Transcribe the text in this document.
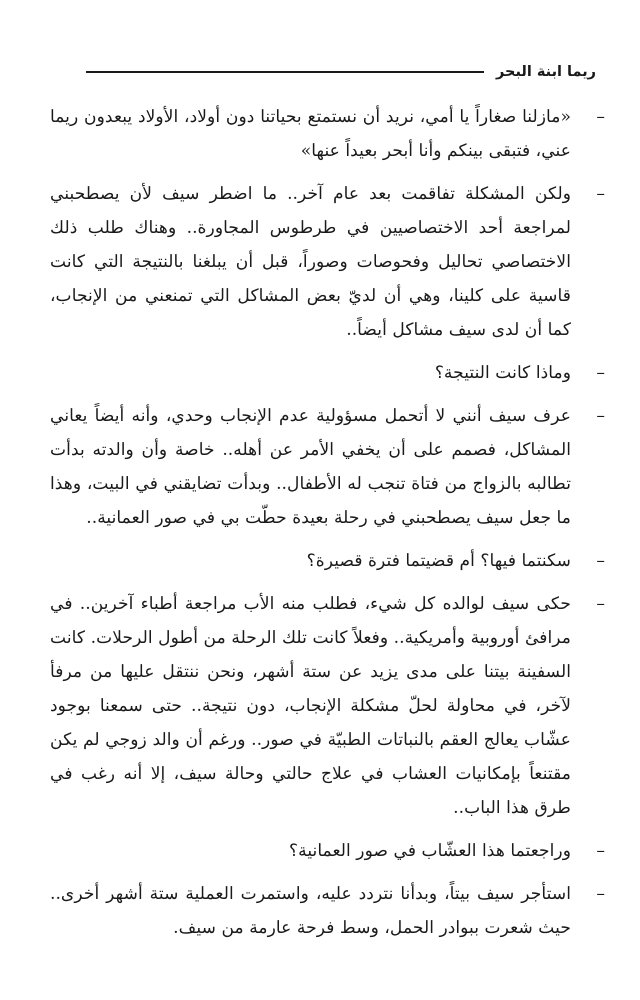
ريما ابنة البحر

–
«مازلنا صغاراً يا أمي، نريد أن نستمتع بحياتنا دون أولاد، الأولاد يبعدون ريما عني، فتبقى بينكم وأنا أبحر بعيداً عنها»

–
ولكن المشكلة تفاقمت بعد عام آخر.. ما اضطر سيف لأن يصطحبني لمراجعة أحد الاختصاصيين في طرطوس المجاورة.. وهناك طلب ذلك الاختصاصي تحاليل وفحوصات وصوراً، قبل أن يبلغنا بالنتيجة التي كانت قاسية على كلينا، وهي أن لديّ بعض المشاكل التي تمنعني من الإنجاب، كما أن لدى سيف مشاكل أيضاً..

–
وماذا كانت النتيجة؟

–
عرف سيف أنني لا أتحمل مسؤولية عدم الإنجاب وحدي، وأنه أيضاً يعاني المشاكل، فصمم على أن يخفي الأمر عن أهله.. خاصة وأن والدته بدأت تطالبه بالزواج من فتاة تنجب له الأطفال.. وبدأت تضايقني في البيت، وهذا ما جعل سيف يصطحبني في رحلة بعيدة حطّت بي في صور العمانية..

–
سكنتما فيها؟ أم قضيتما فترة قصيرة؟

–
حكى سيف لوالده كل شيء، فطلب منه الأب مراجعة أطباء آخرين.. في مرافئ أوروبية وأمريكية.. وفعلاً كانت تلك الرحلة من أطول الرحلات. كانت السفينة بيتنا على مدى يزيد عن ستة أشهر، ونحن ننتقل عليها من مرفأ لآخر، في محاولة لحلّ مشكلة الإنجاب، دون نتيجة.. حتى سمعنا بوجود عشّاب يعالج العقم بالنباتات الطبيّة في صور.. ورغم أن والد زوجي لم يكن مقتنعاً بإمكانيات العشاب في علاج حالتي وحالة سيف، إلا أنه رغب في طرق هذا الباب..

–
وراجعتما هذا العشّاب في صور العمانية؟

–
استأجر سيف بيتاً، وبدأنا نتردد عليه، واستمرت العملية ستة أشهر أخرى.. حيث شعرت ببوادر الحمل، وسط فرحة عارمة من سيف.
